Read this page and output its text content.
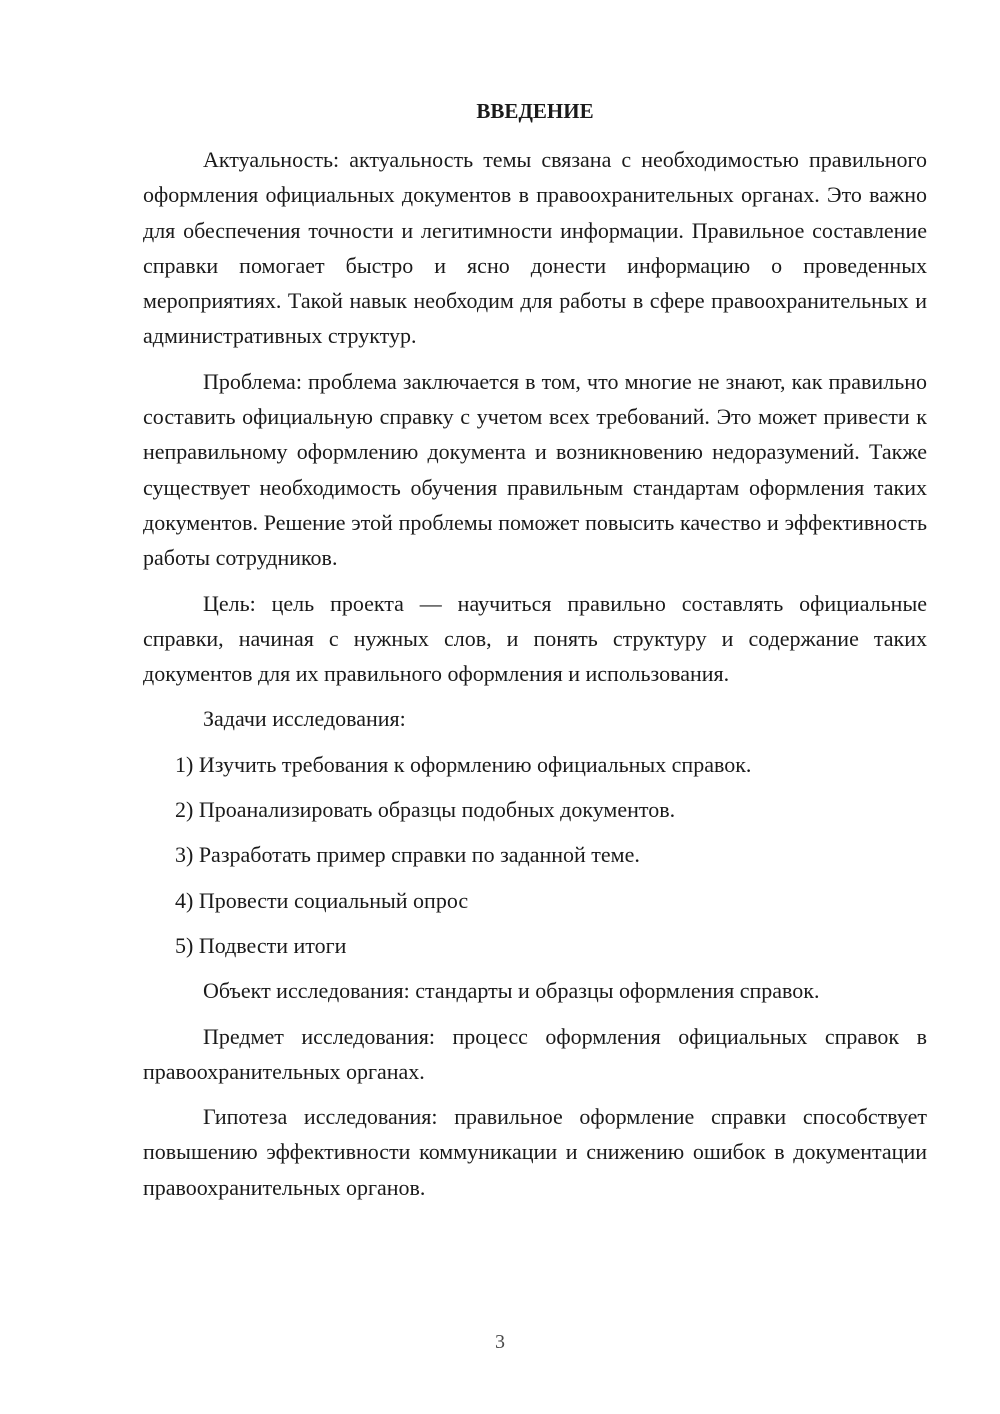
ВВЕДЕНИЕ

Актуальность: актуальность темы связана с необходимостью правильного оформления официальных документов в правоохранительных органах. Это важно для обеспечения точности и легитимности информации. Правильное составление справки помогает быстро и ясно донести информацию о проведенных мероприятиях. Такой навык необходим для работы в сфере правоохранительных и административных структур.

Проблема: проблема заключается в том, что многие не знают, как правильно составить официальную справку с учетом всех требований. Это может привести к неправильному оформлению документа и возникновению недоразумений. Также существует необходимость обучения правильным стандартам оформления таких документов. Решение этой проблемы поможет повысить качество и эффективность работы сотрудников.

Цель: цель проекта — научиться правильно составлять официальные справки, начиная с нужных слов, и понять структуру и содержание таких документов для их правильного оформления и использования.

Задачи исследования:

1) Изучить требования к оформлению официальных справок.
2) Проанализировать образцы подобных документов.
3) Разработать пример справки по заданной теме.
4) Провести социальный опрос
5) Подвести итоги

Объект исследования: стандарты и образцы оформления справок.

Предмет исследования: процесс оформления официальных справок в правоохранительных органах.

Гипотеза исследования: правильное оформление справки способствует повышению эффективности коммуникации и снижению ошибок в документации правоохранительных органов.

3
